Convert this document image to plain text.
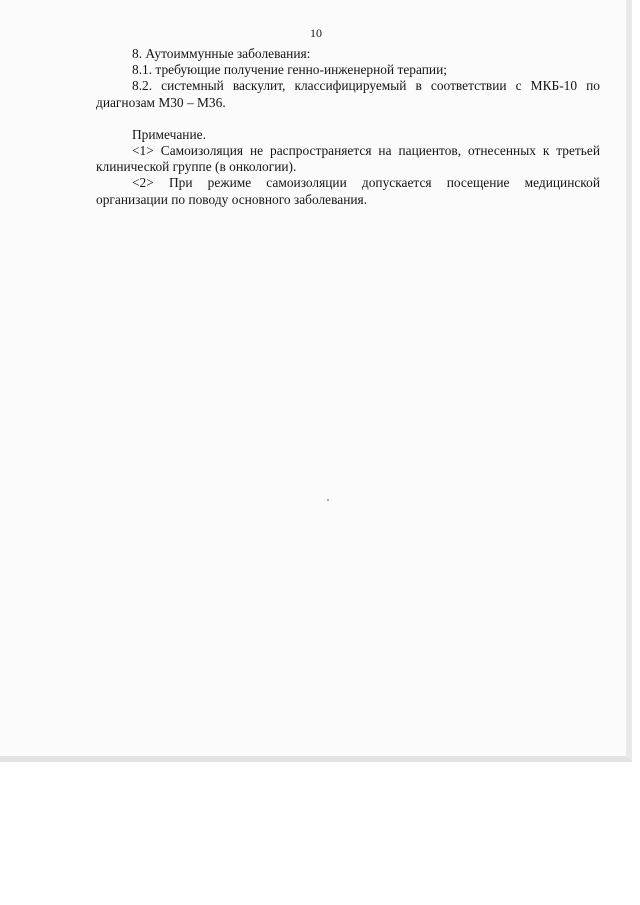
10

8. Аутоиммунные заболевания:

8.1. требующие получение генно-инженерной терапии;

8.2. системный васкулит, классифицируемый в соответствии с МКБ-10 по диагнозам М30 – М36.

Примечание.

<1> Самоизоляция не распространяется на пациентов, отнесенных к третьей клинической группе (в онкологии).

<2> При режиме самоизоляции допускается посещение медицинской организации по поводу основного заболевания.
